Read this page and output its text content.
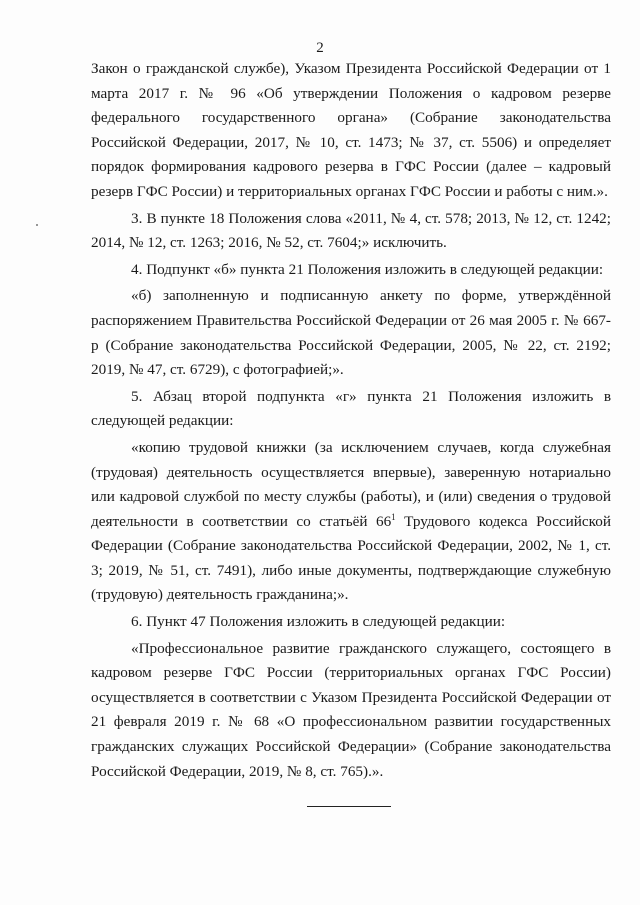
2

Закон о гражданской службе), Указом Президента Российской Федерации от 1 марта 2017 г. № 96 «Об утверждении Положения о кадровом резерве федерального государственного органа» (Собрание законодательства Российской Федерации, 2017, № 10, ст. 1473; № 37, ст. 5506) и определяет порядок формирования кадрового резерва в ГФС России (далее – кадровый резерв ГФС России) и территориальных органах ГФС России и работы с ним.».

3. В пункте 18 Положения слова «2011, № 4, ст. 578; 2013, № 12, ст. 1242; 2014, № 12, ст. 1263; 2016, № 52, ст. 7604;» исключить.

4. Подпункт «б» пункта 21 Положения изложить в следующей редакции:

«б) заполненную и подписанную анкету по форме, утверждённой распоряжением Правительства Российской Федерации от 26 мая 2005 г. № 667-р (Собрание законодательства Российской Федерации, 2005, № 22, ст. 2192; 2019, № 47, ст. 6729), с фотографией;».

5. Абзац второй подпункта «г» пункта 21 Положения изложить в следующей редакции:

«копию трудовой книжки (за исключением случаев, когда служебная (трудовая) деятельность осуществляется впервые), заверенную нотариально или кадровой службой по месту службы (работы), и (или) сведения о трудовой деятельности в соответствии со статьёй $66^1$ Трудового кодекса Российской Федерации (Собрание законодательства Российской Федерации, 2002, № 1, ст. 3; 2019, № 51, ст. 7491), либо иные документы, подтверждающие служебную (трудовую) деятельность гражданина;».

6. Пункт 47 Положения изложить в следующей редакции:

«Профессиональное развитие гражданского служащего, состоящего в кадровом резерве ГФС России (территориальных органах ГФС России) осуществляется в соответствии с Указом Президента Российской Федерации от 21 февраля 2019 г. № 68 «О профессиональном развитии государственных гражданских служащих Российской Федерации» (Собрание законодательства Российской Федерации, 2019, № 8, ст. 765).».
